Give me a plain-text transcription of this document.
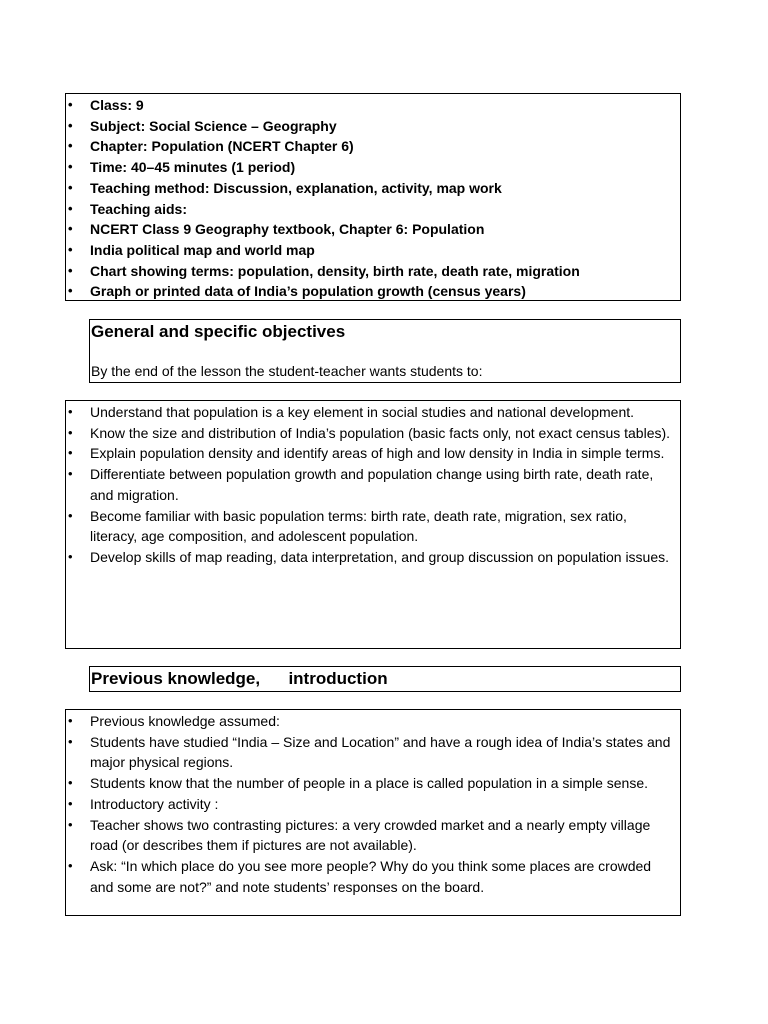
• Class: 9
• Subject: Social Science – Geography
• Chapter: Population (NCERT Chapter 6)
• Time: 40–45 minutes (1 period)
• Teaching method: Discussion, explanation, activity, map work
• Teaching aids:
• NCERT Class 9 Geography textbook, Chapter 6: Population
• India political map and world map
• Chart showing terms: population, density, birth rate, death rate, migration
• Graph or printed data of India’s population growth (census years)
General and specific objectives
By the end of the lesson the student-teacher wants students to:
• Understand that population is a key element in social studies and national development.
• Know the size and distribution of India’s population (basic facts only, not exact census tables).
• Explain population density and identify areas of high and low density in India in simple terms.
• Differentiate between population growth and population change using birth rate, death rate, and migration.
• Become familiar with basic population terms: birth rate, death rate, migration, sex ratio, literacy, age composition, and adolescent population.
• Develop skills of map reading, data interpretation, and group discussion on population issues.
Previous knowledge,      introduction
• Previous knowledge assumed:
• Students have studied “India – Size and Location” and have a rough idea of India’s states and major physical regions.
• Students know that the number of people in a place is called population in a simple sense.
• Introductory activity :
• Teacher shows two contrasting pictures: a very crowded market and a nearly empty village road (or describes them if pictures are not available).
• Ask: “In which place do you see more people? Why do you think some places are crowded and some are not?” and note students’ responses on the board.
